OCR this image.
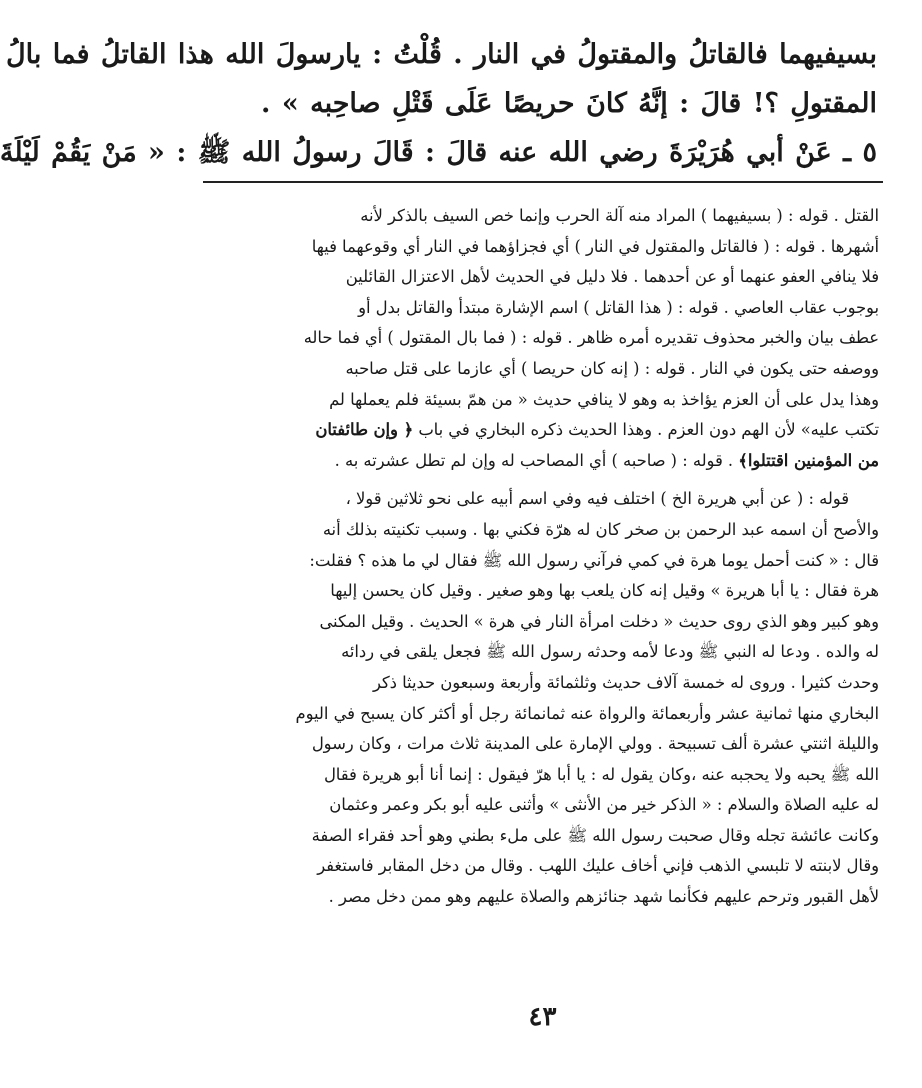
بسيفيهما فالقاتلُ والمقتولُ في النار . قُلْتُ : يارسولَ الله هذا القاتلُ فما بالُ
المقتولِ ؟! قالَ : إنَّهُ كانَ حريصًا عَلَى قَتْلِ صاحِبه » .
٥ ـ عَنْ أبي هُرَيْرَةَ رضي الله عنه قالَ : قَالَ رسولُ الله ﷺ : « مَنْ يَقُمْ لَيْلَةَ
القتل . قوله : ( بسيفيهما ) المراد منه آلة الحرب وإنما خص السيف بالذكر لأنه
أشهرها . قوله : ( فالقاتل والمقتول في النار ) أي فجزاؤهما في النار أي وقوعهما فيها
فلا ينافي العفو عنهما أو عن أحدهما . فلا دليل في الحديث لأهل الاعتزال القائلين
بوجوب عقاب العاصي . قوله : ( هذا القاتل ) اسم الإشارة مبتدأ والقاتل بدل أو
عطف بيان والخبر محذوف تقديره أمره ظاهر . قوله : ( فما بال المقتول ) أي فما حاله
ووصفه حتى يكون في النار . قوله : ( إنه كان حريصا ) أي عازما على قتل صاحبه
وهذا يدل على أن العزم يؤاخذ به وهو لا ينافي حديث « من همّ بسيئة فلم يعملها لم
تكتب عليه» لأن الهم دون العزم . وهذا الحديث ذكره البخاري في باب ﴿ وإن طائفتان
من المؤمنين اقتتلوا﴾ . قوله : ( صاحبه ) أي المصاحب له وإن لم تطل عشرته به .
قوله : ( عن أبي هريرة الخ ) اختلف فيه وفي اسم أبيه على نحو ثلاثين قولا ،
والأصح أن اسمه عبد الرحمن بن صخر كان له هرّة فكني بها . وسبب تكنيته بذلك أنه
قال : « كنت أحمل يوما هرة في كمي فرآني رسول الله ﷺ فقال لي ما هذه ؟ فقلت:
هرة فقال : يا أبا هريرة » وقيل إنه كان يلعب بها وهو صغير . وقيل كان يحسن إليها
وهو كبير وهو الذي روى حديث « دخلت امرأة النار في هرة » الحديث . وقيل المكنى
له والده . ودعا له النبي ﷺ ودعا لأمه وحدثه رسول الله ﷺ فجعل يلقى في ردائه
وحدث كثيرا . وروى له خمسة آلاف حديث وثلثمائة وأربعة وسبعون حديثا ذكر
البخاري منها ثمانية عشر وأربعمائة والرواة عنه ثمانمائة رجل أو أكثر كان يسبح في اليوم
والليلة اثنتي عشرة ألف تسبيحة . وولي الإمارة على المدينة ثلاث مرات ، وكان رسول
الله ﷺ يحبه ولا يحجبه عنه ،وكان يقول له : يا أبا هرّ فيقول : إنما أنا أبو هريرة فقال
له عليه الصلاة والسلام : « الذكر خير من الأنثى » وأثنى عليه أبو بكر وعمر وعثمان
وكانت عائشة تجله وقال صحبت رسول الله ﷺ على ملء بطني وهو أحد فقراء الصفة
وقال لابنته لا تلبسي الذهب فإني أخاف عليك اللهب . وقال من دخل المقابر فاستغفر
لأهل القبور وترحم عليهم فكأنما شهد جنائزهم والصلاة عليهم وهو ممن دخل مصر .
٤٣
